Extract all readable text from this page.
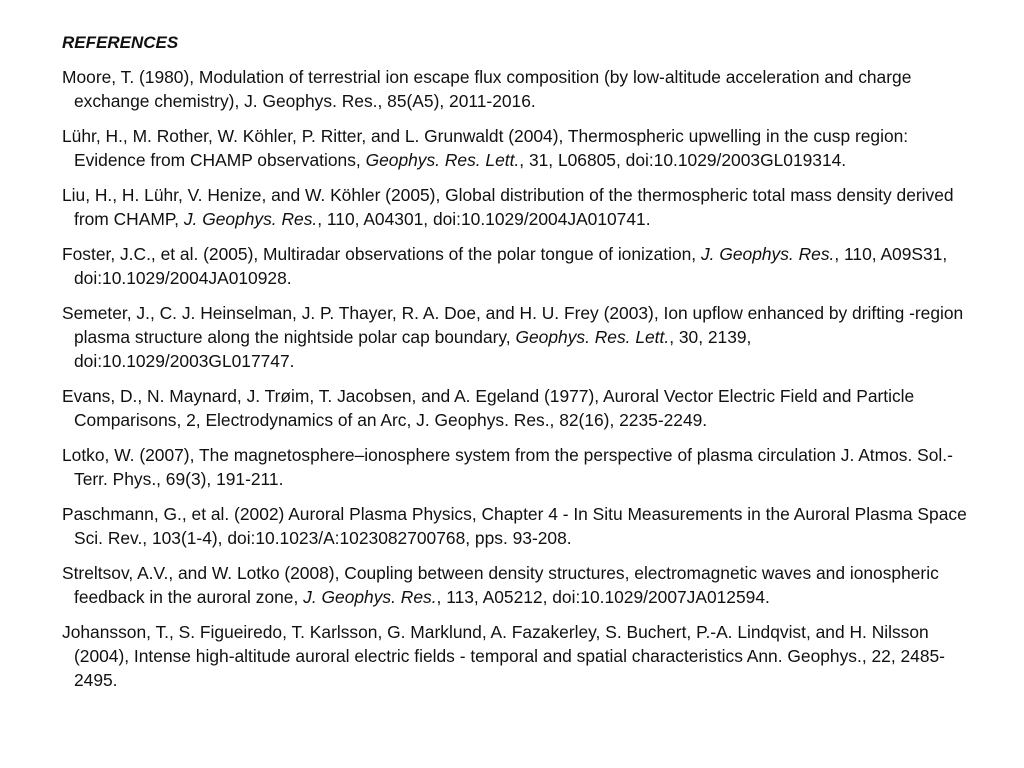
REFERENCES
Moore, T. (1980), Modulation of terrestrial ion escape flux composition (by low-altitude acceleration and charge exchange chemistry), J. Geophys. Res., 85(A5), 2011-2016.
Lühr, H., M. Rother, W. Köhler, P. Ritter, and L. Grunwaldt (2004), Thermospheric upwelling in the cusp region: Evidence from CHAMP observations, Geophys. Res. Lett., 31, L06805, doi:10.1029/2003GL019314.
Liu, H., H. Lühr, V. Henize, and W. Köhler (2005), Global distribution of the thermospheric total mass density derived from CHAMP, J. Geophys. Res., 110, A04301, doi:10.1029/2004JA010741.
Foster, J.C., et al. (2005), Multiradar observations of the polar tongue of ionization, J. Geophys. Res., 110, A09S31, doi:10.1029/2004JA010928.
Semeter, J., C. J. Heinselman, J. P. Thayer, R. A. Doe, and H. U. Frey (2003), Ion upflow enhanced by drifting -region plasma structure along the nightside polar cap boundary, Geophys. Res. Lett., 30, 2139, doi:10.1029/2003GL017747.
Evans, D., N. Maynard, J. Trøim, T. Jacobsen, and A. Egeland (1977), Auroral Vector Electric Field and Particle Comparisons, 2, Electrodynamics of an Arc, J. Geophys. Res., 82(16), 2235-2249.
Lotko, W. (2007), The magnetosphere–ionosphere system from the perspective of plasma circulation J. Atmos. Sol.-Terr. Phys., 69(3), 191-211.
Paschmann, G., et al. (2002) Auroral Plasma Physics, Chapter 4 - In Situ Measurements in the Auroral Plasma Space Sci. Rev., 103(1-4), doi:10.1023/A:1023082700768, pps. 93-208.
Streltsov, A.V., and W. Lotko (2008), Coupling between density structures, electromagnetic waves and ionospheric feedback in the auroral zone, J. Geophys. Res., 113, A05212, doi:10.1029/2007JA012594.
Johansson, T., S. Figueiredo, T. Karlsson, G. Marklund, A. Fazakerley, S. Buchert, P.-A. Lindqvist, and H. Nilsson (2004), Intense high-altitude auroral electric fields - temporal and spatial characteristics Ann. Geophys., 22, 2485-2495.
